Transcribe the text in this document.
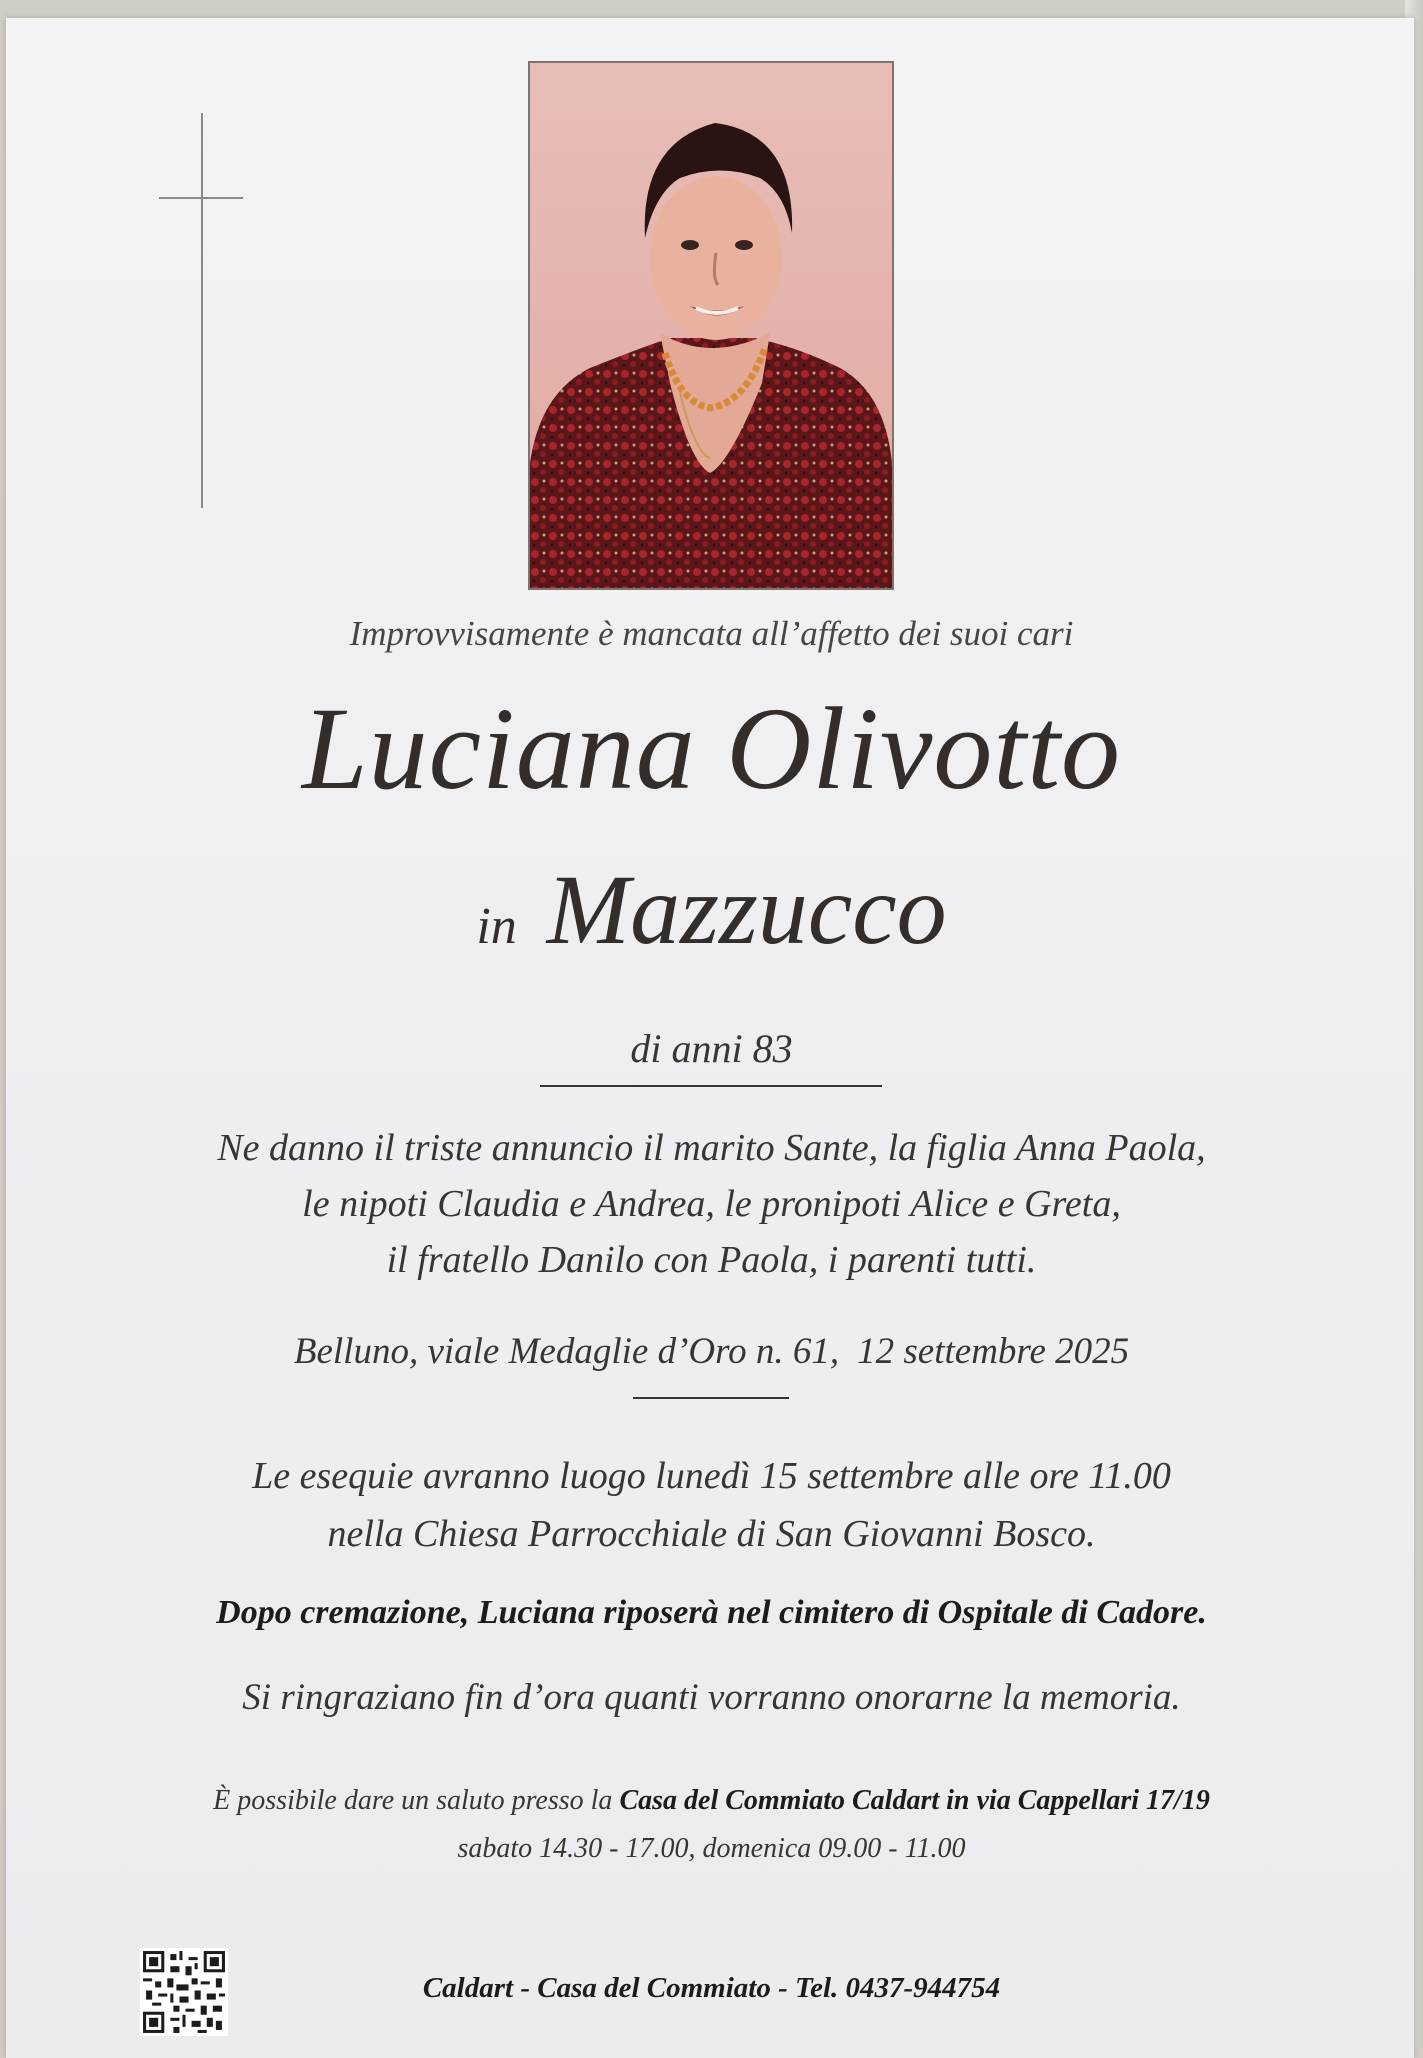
Improvvisamente è mancata all’affetto dei suoi cari
Luciana Olivotto
in Mazzucco
di anni 83
Ne danno il triste annuncio il marito Sante, la figlia Anna Paola,
le nipoti Claudia e Andrea, le pronipoti Alice e Greta,
il fratello Danilo con Paola, i parenti tutti.
Belluno, viale Medaglie d’Oro n. 61, 12 settembre 2025
Le esequie avranno luogo lunedì 15 settembre alle ore 11.00
nella Chiesa Parrocchiale di San Giovanni Bosco.
Dopo cremazione, Luciana riposerà nel cimitero di Ospitale di Cadore.
Si ringraziano fin d’ora quanti vorranno onorarne la memoria.
È possibile dare un saluto presso la Casa del Commiato Caldart in via Cappellari 17/19
sabato 14.30 - 17.00, domenica 09.00 - 11.00
Caldart - Casa del Commiato - Tel. 0437-944754
